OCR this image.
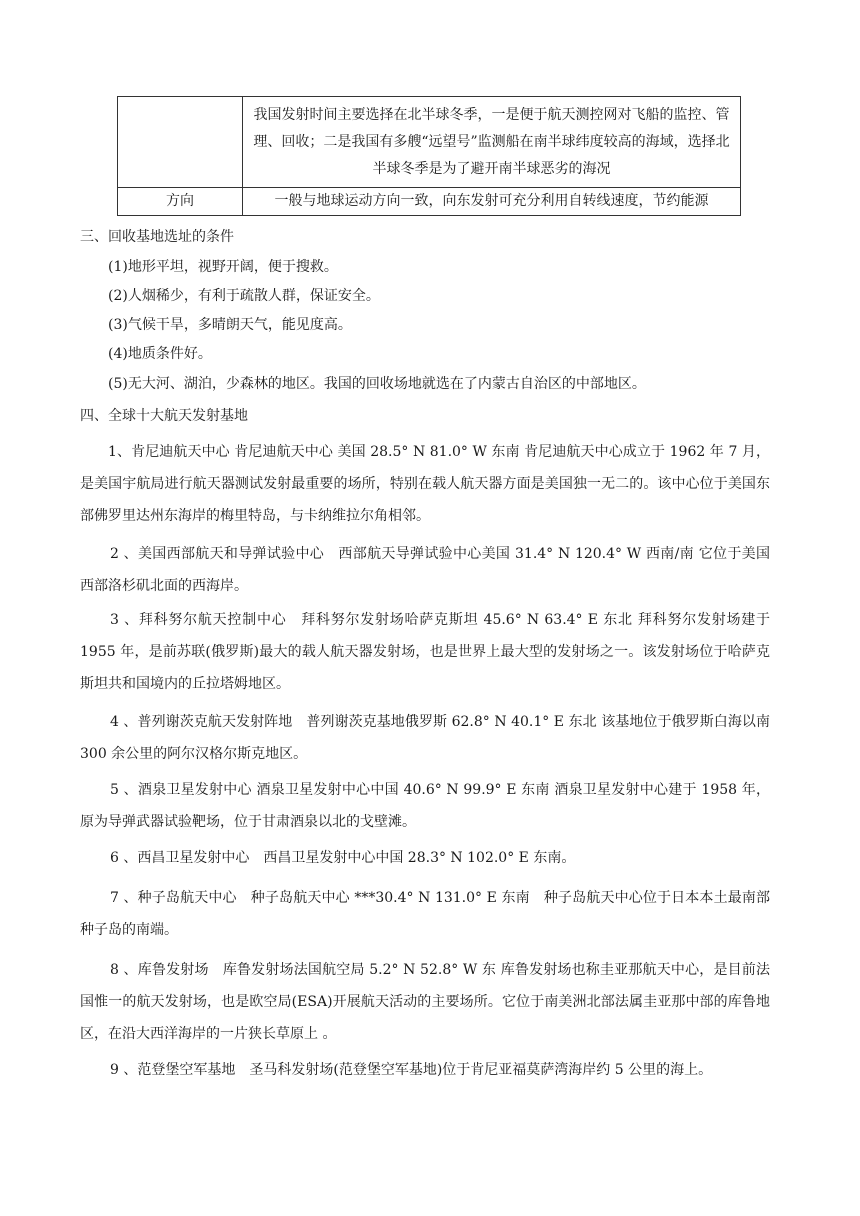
	我国发射时间主要选择在北半球冬季，一是便于航天测控网对飞船的监控、管理、回收；二是我国有多艘“远望号”监测船在南半球纬度较高的海域，选择北半球冬季是为了避开南半球恶劣的海况
方向	一般与地球运动方向一致，向东发射可充分利用自转线速度，节约能源
三、回收基地选址的条件
(1)地形平坦，视野开阔，便于搜救。
(2)人烟稀少，有利于疏散人群，保证安全。
(3)气候干旱，多晴朗天气，能见度高。
(4)地质条件好。
(5)无大河、湖泊，少森林的地区。我国的回收场地就选在了内蒙古自治区的中部地区。
四、全球十大航天发射基地
1、肯尼迪航天中心 肯尼迪航天中心 美国 28.5° N 81.0° W 东南 肯尼迪航天中心成立于 1962 年 7 月，是美国宇航局进行航天器测试发射最重要的场所，特别在载人航天器方面是美国独一无二的。该中心位于美国东部佛罗里达州东海岸的梅里特岛，与卡纳维拉尔角相邻。
2 、美国西部航天和导弹试验中心　西部航天导弹试验中心美国 31.4° N 120.4° W 西南/南 它位于美国西部洛杉矶北面的西海岸。
3 、拜科努尔航天控制中心　拜科努尔发射场哈萨克斯坦 45.6° N 63.4° E 东北 拜科努尔发射场建于 1955 年，是前苏联(俄罗斯)最大的载人航天器发射场，也是世界上最大型的发射场之一。该发射场位于哈萨克斯坦共和国境内的丘拉塔姆地区。
4 、普列谢茨克航天发射阵地　普列谢茨克基地俄罗斯 62.8° N 40.1° E 东北 该基地位于俄罗斯白海以南 300 余公里的阿尔汉格尔斯克地区。
5 、酒泉卫星发射中心 酒泉卫星发射中心中国 40.6° N 99.9° E 东南 酒泉卫星发射中心建于 1958 年，原为导弹武器试验靶场，位于甘肃酒泉以北的戈壁滩。
6 、西昌卫星发射中心　西昌卫星发射中心中国 28.3° N 102.0° E 东南。
7 、种子岛航天中心　种子岛航天中心 ***30.4° N 131.0° E 东南　种子岛航天中心位于日本本土最南部种子岛的南端。
8 、库鲁发射场　库鲁发射场法国航空局 5.2° N 52.8° W 东 库鲁发射场也称圭亚那航天中心，是目前法国惟一的航天发射场，也是欧空局(ESA)开展航天活动的主要场所。它位于南美洲北部法属圭亚那中部的库鲁地区，在沿大西洋海岸的一片狭长草原上 。
9 、范登堡空军基地　圣马科发射场(范登堡空军基地)位于肯尼亚福莫萨湾海岸约 5 公里的海上。
